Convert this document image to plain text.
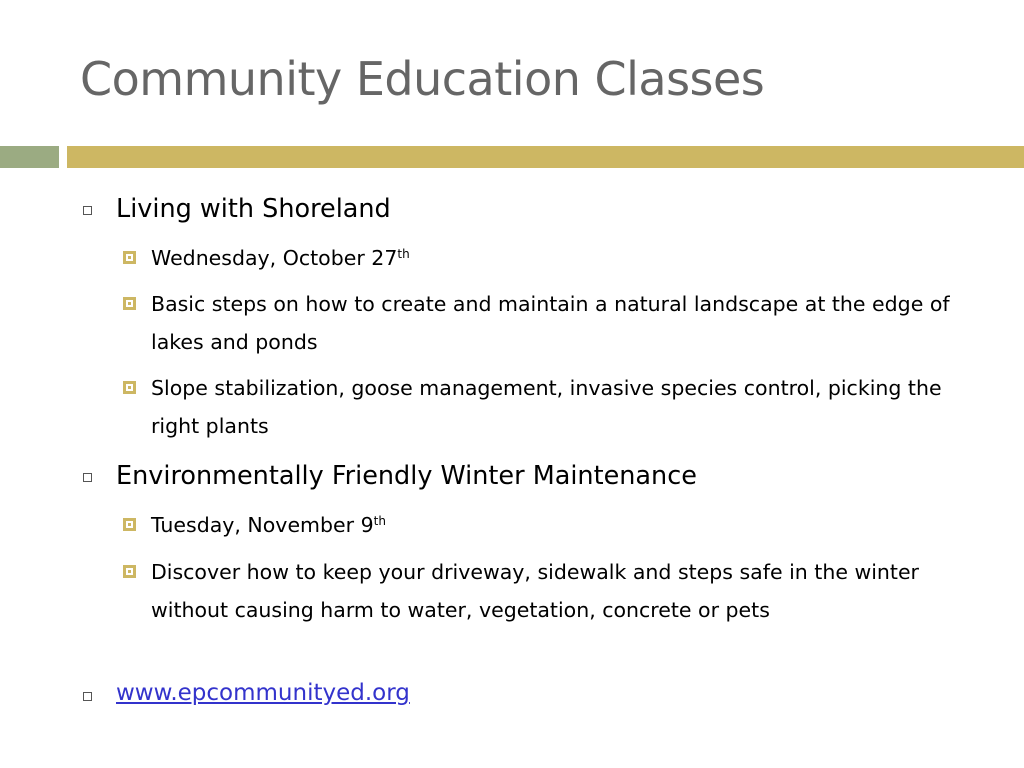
Community Education Classes
Living with Shoreland
Wednesday, October 27th
Basic steps on how to create and maintain a natural landscape at the edge of lakes and ponds
Slope stabilization, goose management, invasive species control, picking the right plants
Environmentally Friendly Winter Maintenance
Tuesday, November 9th
Discover how to keep your driveway, sidewalk and steps safe in the winter without causing harm to water, vegetation, concrete or pets
www.epcommunityed.org
